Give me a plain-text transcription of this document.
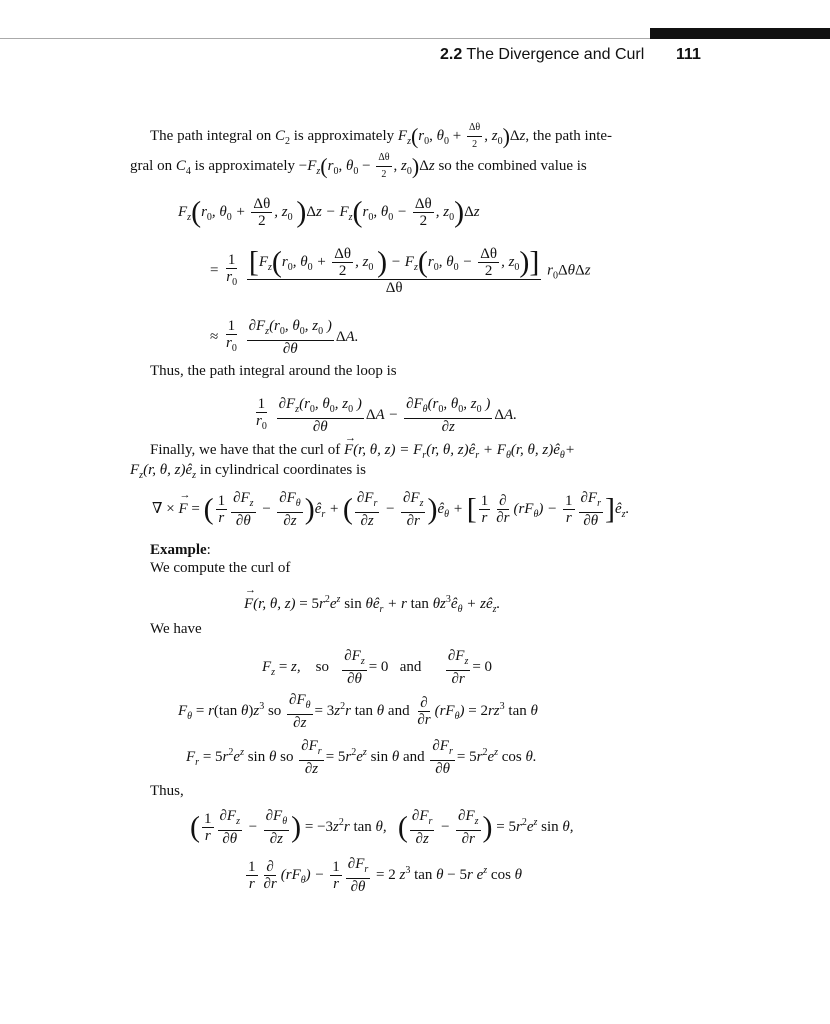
2.2 The Divergence and Curl 111
The path integral on $C_2$ is approximately $F_z(r_0$, $\theta_0 + \frac{\Delta\theta}{2}$ , $z_0)\Delta z$, the path inte-
gral on $C_4$ is approximately $-F_z(r_0$, $\theta_0 - \frac{\Delta\theta}{2}$ , $z_0)\Delta z$ so the combined value is
$F_z(r_0$, $\theta_0 + \frac{\Delta\theta}{2}$ , $z_0$ )$\Delta z - F_z(r_0$, $\theta_0 - \frac{\Delta\theta}{2}$ , $z_0)\Delta z$
= $\frac{1}{r_0}$
$\frac{[F_z(r_0, \theta_0 + \frac{\Delta\theta}{2} , z_0 ) - F_z(r_0, \theta_0 - \frac{\Delta\theta}{2} , z_0)]}{\Delta\theta} r_0\Delta\theta\Delta z$
≈ $\frac{1}{r_0}$
$\frac{\partial F_z(r_0, \theta_0, z_0 )}{\partial\theta} \Delta A$.
Thus, the path integral around the loop is
$\frac{1}{r_0}$
$\frac{\partial F_z(r_0, \theta_0, z_0 )}{\partial\theta}$ $\Delta A - \frac{\partial F_\theta(r_0, \theta_0, z_0 )}{\partial z} \Delta A$.
Finally, we have that the curl of → F(r, θ, $z) = F_r(r$, θ, $z)ê_r + F_\theta(r$, θ, $z)ê_\theta+$
$F_z(r$, θ, $z)ê_z$ in cylindrical coordinates is
∇ × → F = ( $\frac{1}{r} \frac{\partial F_z}{\partial\theta} - \frac{\partial F_\theta}{\partial z}$ )$ê_r$ + ( $\frac{\partial F_r}{\partial z} - \frac{\partial F_z}{\partial r}$ )$ê_\theta$ + [ $\frac{1}{r} \frac{\partial}{\partial r} (rF_\theta) - \frac{1}{r} \frac{\partial F_r}{\partial\theta}$ ]$ê_z$.
Example:
We compute the curl of
→ F(r, θ, $z) = 5r^2e^z$ $\sin \theta ê_r + r$ $\tan \theta z^3ê_\theta$ + $zê_z$.
We have
$F_z = z$,    so $\frac{\partial F_z}{\partial\theta} = 0$   and $\frac{\partial F_z}{\partial r} = 0$
$F_\theta = r(\tan$ $\theta)z^3$ so $\frac{\partial F_\theta}{\partial z} = 3z^2r$ tan θ and $\frac{\partial}{\partial r} (rF_\theta) = 2rz^3$ tan θ
$F_r = 5r^2e^z$ sin θ so $\frac{\partial F_r}{\partial z} = 5r^2e^z$ sin θ and $\frac{\partial F_r}{\partial\theta} = 5r^2e^z$ cos θ.
Thus,
( $\frac{1}{r} \frac{\partial F_z}{\partial\theta} - \frac{\partial F_\theta}{\partial z}$ ) = $-3z^2r$ tan θ,   ( $\frac{\partial F_r}{\partial z} - \frac{\partial F_z}{\partial r}$ ) = $5r^2e^z$ sin θ,
$\frac{1}{r} \frac{\partial}{\partial r} (rF_\theta) - \frac{1}{r} \frac{\partial F_r}{\partial\theta} = 2$ $z^3$ tan θ − 5r $e^z$ cos θ
